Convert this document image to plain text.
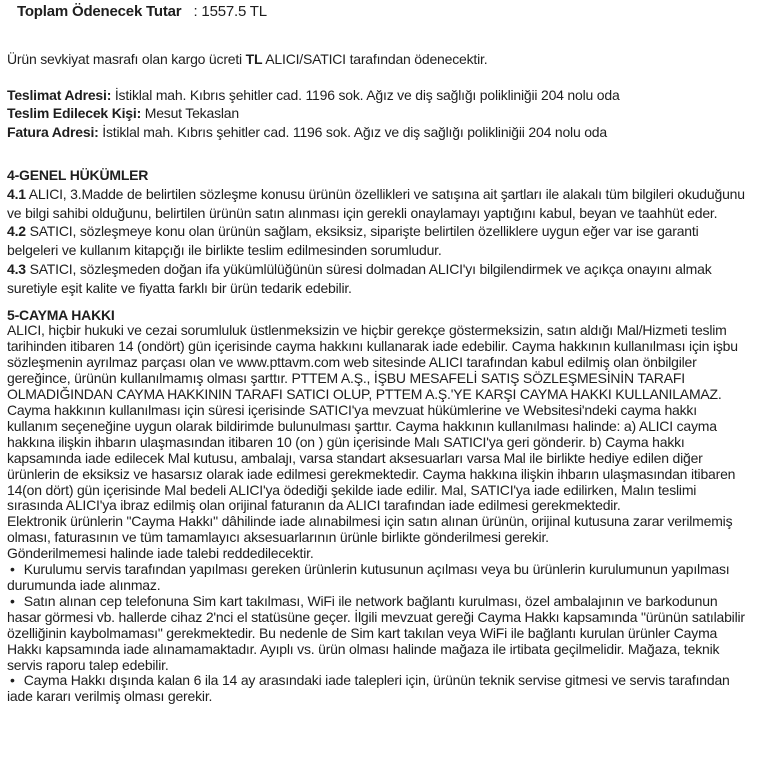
Toplam Ödenecek Tutar : 1557.5 TL

Ürün sevkiyat masrafı olan kargo ücreti TL ALICI/SATICI tarafından ödenecektir.

Teslimat Adresi: İstiklal mah. Kıbrıs şehitler cad. 1196 sok. Ağız ve diş sağlığı polikliniğii 204 nolu oda

Teslim Edilecek Kişi: Mesut Tekaslan

Fatura Adresi: İstiklal mah. Kıbrıs şehitler cad. 1196 sok. Ağız ve diş sağlığı polikliniğii 204 nolu oda

4-GENEL HÜKÜMLER

4.1 ALICI, 3.Madde de belirtilen sözleşme konusu ürünün özellikleri ve satışına ait şartları ile alakalı tüm bilgileri okuduğunu ve bilgi sahibi olduğunu, belirtilen ürünün satın alınması için gerekli onaylamayı yaptığını kabul, beyan ve taahhüt eder.

4.2 SATICI, sözleşmeye konu olan ürünün sağlam, eksiksiz, siparişte belirtilen özelliklere uygun eğer var ise garanti belgeleri ve kullanım kitapçığı ile birlikte teslim edilmesinden sorumludur.

4.3 SATICI, sözleşmeden doğan ifa yükümlülüğünün süresi dolmadan ALICI'yı bilgilendirmek ve açıkça onayını almak suretiyle eşit kalite ve fiyatta farklı bir ürün tedarik edebilir.

5-CAYMA HAKKI

ALICI, hiçbir hukuki ve cezai sorumluluk üstlenmeksizin ve hiçbir gerekçe göstermeksizin, satın aldığı Mal/Hizmeti teslim tarihinden itibaren 14 (ondört) gün içerisinde cayma hakkını kullanarak iade edebilir. Cayma hakkının kullanılması için işbu sözleşmenin ayrılmaz parçası olan ve www.pttavm.com web sitesinde ALICI tarafından kabul edilmiş olan önbilgiler gereğince, ürünün kullanılmamış olması şarttır. PTTEM A.Ş., İŞBU MESAFELİ SATIŞ SÖZLEŞMESİNİN TARAFI OLMADIĞINDAN CAYMA HAKKININ TARAFI SATICI OLUP, PTTEM A.Ş.'YE KARŞI CAYMA HAKKI KULLANILAMAZ.

Cayma hakkının kullanılması için süresi içerisinde SATICI'ya mevzuat hükümlerine ve Websitesi'ndeki cayma hakkı kullanım seçeneğine uygun olarak bildirimde bulunulması şarttır. Cayma hakkının kullanılması halinde: a) ALICI cayma hakkına ilişkin ihbarın ulaşmasından itibaren 10 (on ) gün içerisinde Malı SATICI'ya geri gönderir. b) Cayma hakkı kapsamında iade edilecek Mal kutusu, ambalajı, varsa standart aksesuarları varsa Mal ile birlikte hediye edilen diğer ürünlerin de eksiksiz ve hasarsız olarak iade edilmesi gerekmektedir. Cayma hakkına ilişkin ihbarın ulaşmasından itibaren 14(on dört) gün içerisinde Mal bedeli ALICI'ya ödediği şekilde iade edilir. Mal, SATICI'ya iade edilirken, Malın teslimi sırasında ALICI'ya ibraz edilmiş olan orijinal faturanın da ALICI tarafından iade edilmesi gerekmektedir.

Elektronik ürünlerin "Cayma Hakkı" dâhilinde iade alınabilmesi için satın alınan ürünün, orijinal kutusuna zarar verilmemiş olması, faturasının ve tüm tamamlayıcı aksesuarlarının ürünle birlikte gönderilmesi gerekir.

Gönderilmemesi halinde iade talebi reddedilecektir.

• Kurulumu servis tarafından yapılması gereken ürünlerin kutusunun açılması veya bu ürünlerin kurulumunun yapılması durumunda iade alınmaz.

• Satın alınan cep telefonuna Sim kart takılması, WiFi ile network bağlantı kurulması, özel ambalajının ve barkodunun hasar görmesi vb. hallerde cihaz 2'nci el statüsüne geçer. İlgili mevzuat gereği Cayma Hakkı kapsamında "ürünün satılabilir özelliğinin kaybolmaması" gerekmektedir. Bu nedenle de Sim kart takılan veya WiFi ile bağlantı kurulan ürünler Cayma Hakkı kapsamında iade alınamamaktadır. Ayıplı vs. ürün olması halinde mağaza ile irtibata geçilmelidir. Mağaza, teknik servis raporu talep edebilir.

• Cayma Hakkı dışında kalan 6 ila 14 ay arasındaki iade talepleri için, ürünün teknik servise gitmesi ve servis tarafından iade kararı verilmiş olması gerekir.
